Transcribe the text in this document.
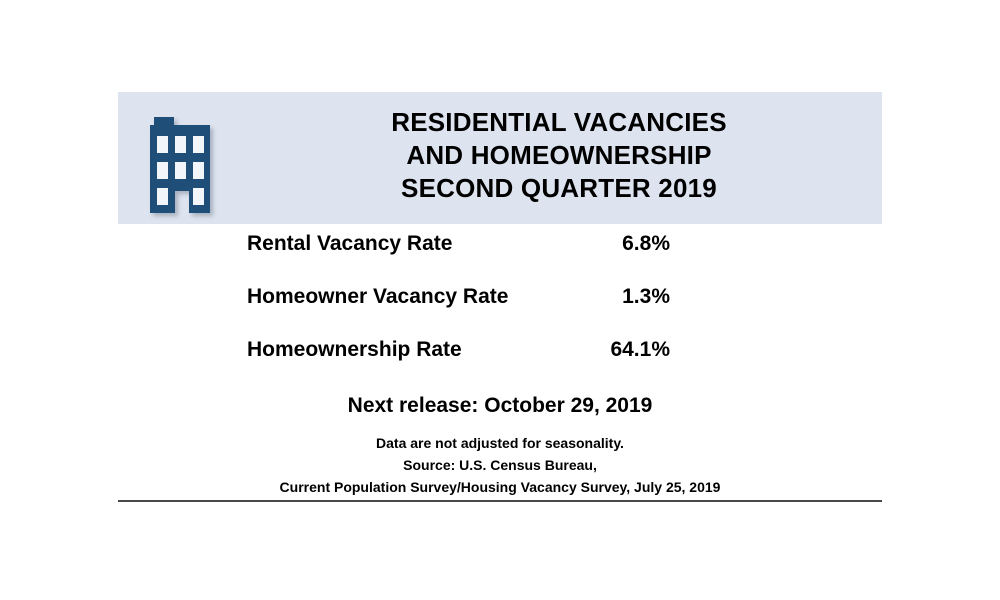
RESIDENTIAL VACANCIES
AND HOMEOWNERSHIP
SECOND QUARTER 2019
Rental Vacancy Rate	6.8%
Homeowner Vacancy Rate	1.3%
Homeownership Rate	64.1%
Next release: October 29, 2019
Data are not adjusted for seasonality.
Source: U.S. Census Bureau,
Current Population Survey/Housing Vacancy Survey, July 25, 2019
